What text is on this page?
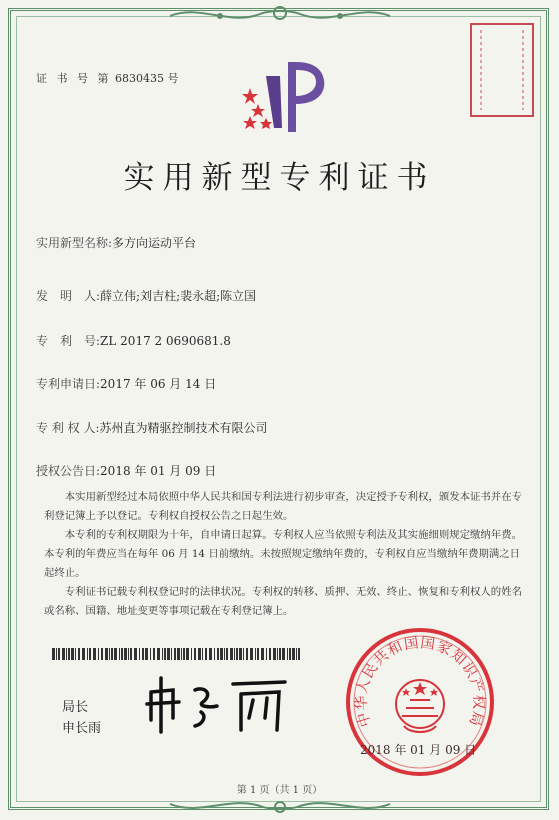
证 书 号 第 6830435 号
实用新型专利证书
实用新型名称:多方向运动平台
发　明　人:薛立伟;刘吉柱;裴永超;陈立国
专　利　号:ZL 2017 2 0690681.8
专利申请日:2017 年 06 月 14 日
专 利 权 人:苏州直为精驱控制技术有限公司
授权公告日:2018 年 01 月 09 日

本实用新型经过本局依照中华人民共和国专利法进行初步审查，决定授予专利权，颁发本证书并在专利登记簿上予以登记。专利权自授权公告之日起生效。

本专利的专利权期限为十年，自申请日起算。专利权人应当依照专利法及其实施细则规定缴纳年费。本专利的年费应当在每年 06 月 14 日前缴纳。未按照规定缴纳年费的，专利权自应当缴纳年费期满之日起终止。

专利证书记载专利权登记时的法律状况。专利权的转移、质押、无效、终止、恢复和专利权人的姓名或名称、国籍、地址变更等事项记载在专利登记簿上。

局长
申长雨	中华人民共和国国家知识产权局
2018 年 01 月 09 日
第 1 页（共 1 页）
